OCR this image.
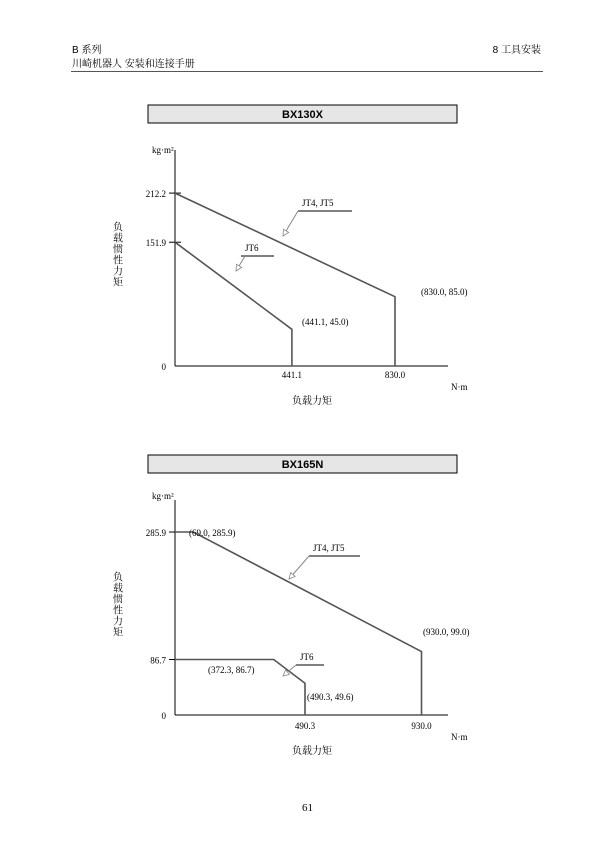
B 系列
川崎机器人 安装和连接手册
8 工具安装
BX130X
kg·m²
N·m
负
载
惯
性
力
矩
负载力矩
212.2
151.9
0
441.1	830.0
JT4, JT5
JT6
(830.0, 85.0)
(441.1, 45.0)
BX165N
kg·m²
N·m
负
载
惯
性
力
矩
负载力矩
285.9
86.7
0
490.3	930.0
JT4, JT5
JT6
(69.0, 285.9)
(930.0, 99.0)
(372.3, 86.7)
(490.3, 49.6)
61
